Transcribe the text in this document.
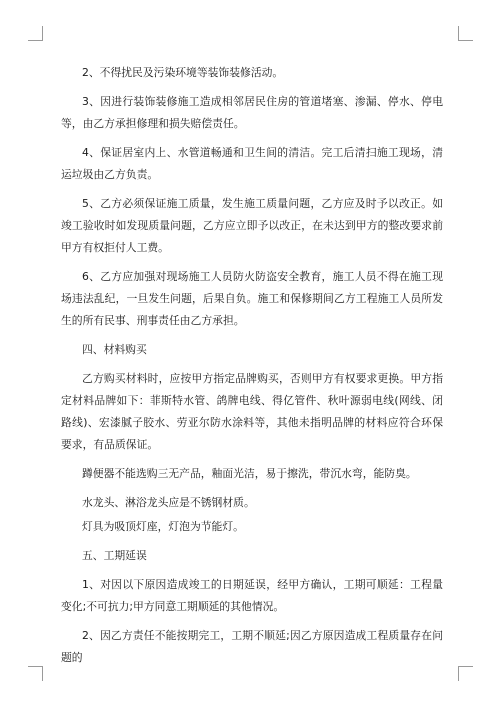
2、不得扰民及污染环境等装饰装修活动。

3、因进行装饰装修施工造成相邻居民住房的管道堵塞、渗漏、停水、停电等，由乙方承担修理和损失赔偿责任。

4、保证居室内上、水管道畅通和卫生间的清洁。完工后清扫施工现场，清运垃圾由乙方负责。

5、乙方必须保证施工质量，发生施工质量问题，乙方应及时予以改正。如竣工验收时如发现质量问题，乙方应立即予以改正，在未达到甲方的整改要求前甲方有权拒付人工费。

6、乙方应加强对现场施工人员防火防盗安全教育，施工人员不得在施工现场违法乱纪，一旦发生问题，后果自负。施工和保修期间乙方工程施工人员所发生的所有民事、刑事责任由乙方承担。

四、材料购买

乙方购买材料时，应按甲方指定品牌购买，否则甲方有权要求更换。甲方指定材料品牌如下：菲斯特水管、鸽牌电线、得亿管件、秋叶源弱电线(网线、闭路线)、宏漆腻子胶水、劳亚尔防水涂料等，其他未指明品牌的材料应符合环保要求，有品质保证。

蹲便器不能选购三无产品，釉面光洁，易于擦洗，带沉水弯，能防臭。

水龙头、淋浴龙头应是不锈钢材质。

灯具为吸顶灯座，灯泡为节能灯。

五、工期延误

1、对因以下原因造成竣工的日期延误，经甲方确认，工期可顺延：工程量变化;不可抗力;甲方同意工期顺延的其他情况。

2、因乙方责任不能按期完工，工期不顺延;因乙方原因造成工程质量存在问题的
